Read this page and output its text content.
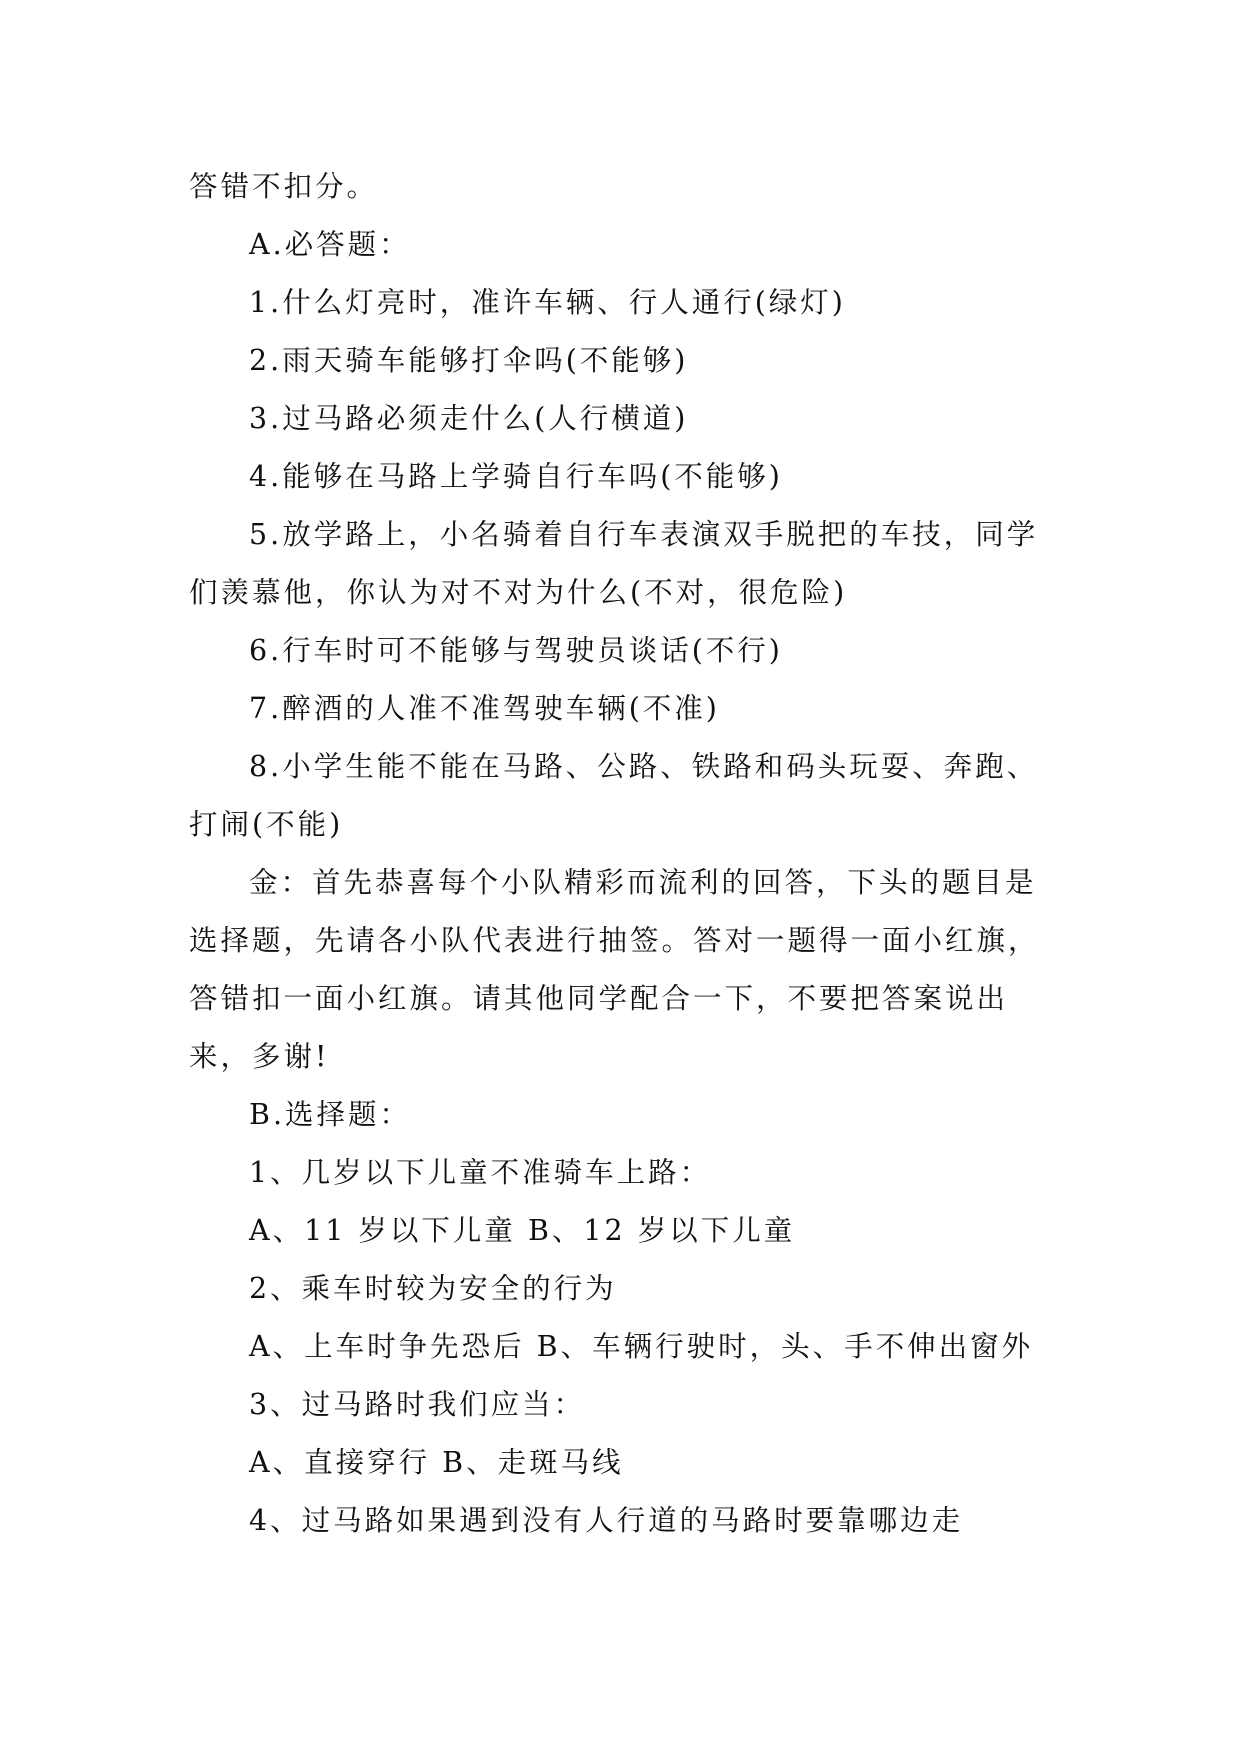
答错不扣分。

A.必答题：

1.什么灯亮时，准许车辆、行人通行(绿灯)

2.雨天骑车能够打伞吗(不能够)

3.过马路必须走什么(人行横道)

4.能够在马路上学骑自行车吗(不能够)

5.放学路上，小名骑着自行车表演双手脱把的车技，同学们羡慕他，你认为对不对为什么(不对，很危险)

6.行车时可不能够与驾驶员谈话(不行)

7.醉酒的人准不准驾驶车辆(不准)

8.小学生能不能在马路、公路、铁路和码头玩耍、奔跑、打闹(不能)

金：首先恭喜每个小队精彩而流利的回答，下头的题目是选择题，先请各小队代表进行抽签。答对一题得一面小红旗，答错扣一面小红旗。请其他同学配合一下，不要把答案说出来，多谢!

B.选择题：

1、几岁以下儿童不准骑车上路：

A、11 岁以下儿童 B、12 岁以下儿童

2、乘车时较为安全的行为

A、上车时争先恐后 B、车辆行驶时，头、手不伸出窗外

3、过马路时我们应当：

A、直接穿行 B、走斑马线

4、过马路如果遇到没有人行道的马路时要靠哪边走
